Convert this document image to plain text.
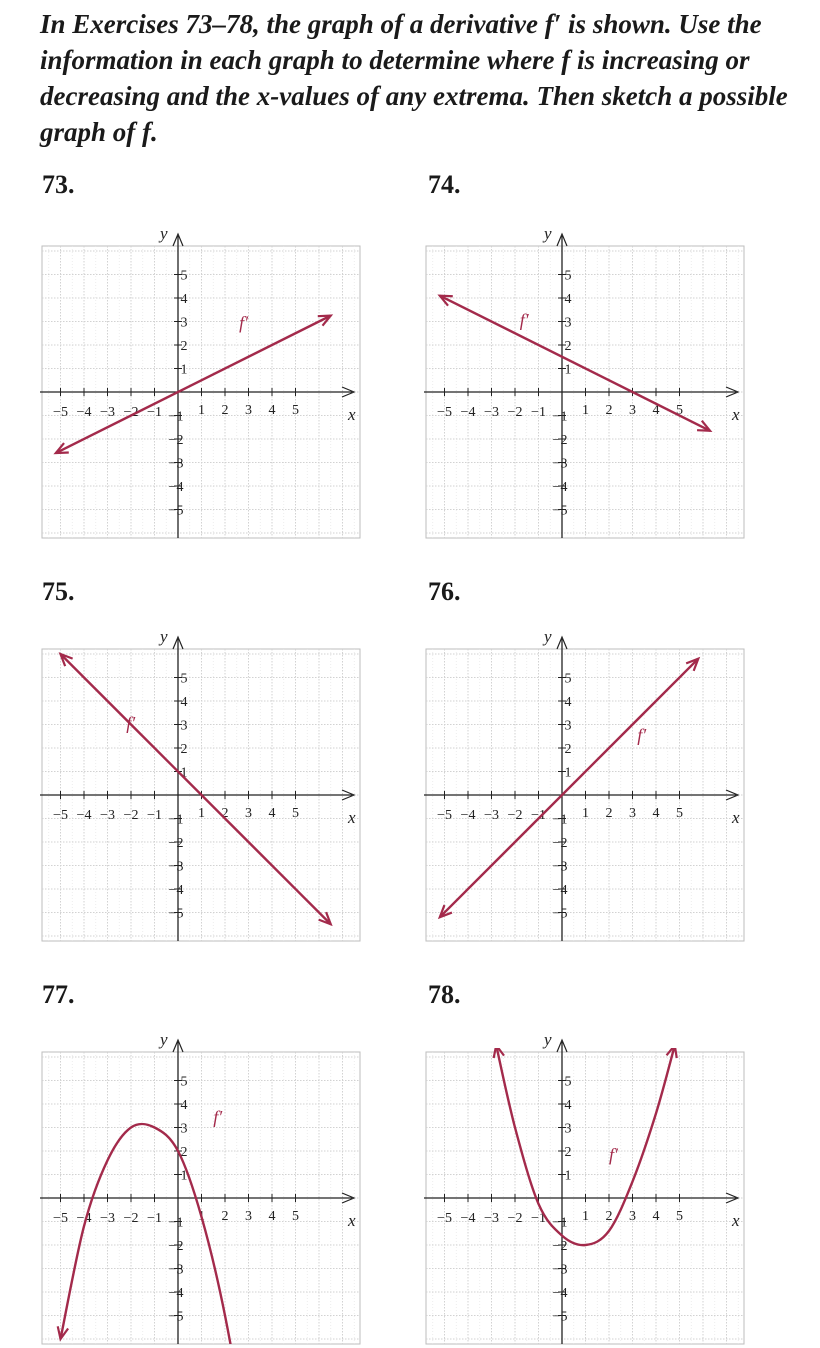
In Exercises 73–78, the graph of a derivative f′ is shown. Use the information in each graph to determine where f is increasing or decreasing and the x-values of any extrema. Then sketch a possible graph of f.
73.	74.
75.	76.
77.	78.
x
y
−5
−5
−4
−4
−3
−3
−2
−2
−1 −1 1
1
2
2
3
3
4
4
5
5
f′
x
y
−5
−5
−4
−4
−3
−3
−2
−2
−1 −1 1
1
2
2
3
3
4
4
5
5
f′
x
y
−5
−5
−4
−4
−3
−3
−2
−2
−1 −1 1
1
2
2
3
3
4
4
5
5
f′
x
y
−5
−5
−4
−4
−3
−3
−2
−2
−1 −1 1
1
2
2
3
3
4
4
5
5
f′
x
y
−5
−5
−4
−4
−3
−3
−2
−2
−1 −1 1
1
2
2
3
3
4
4
5
5
f′
x
y
−5
−5
−4
−4
−3
−3
−2
−2
−1 −1 1
1
2
2
3
3
4
4
5
5
f′
